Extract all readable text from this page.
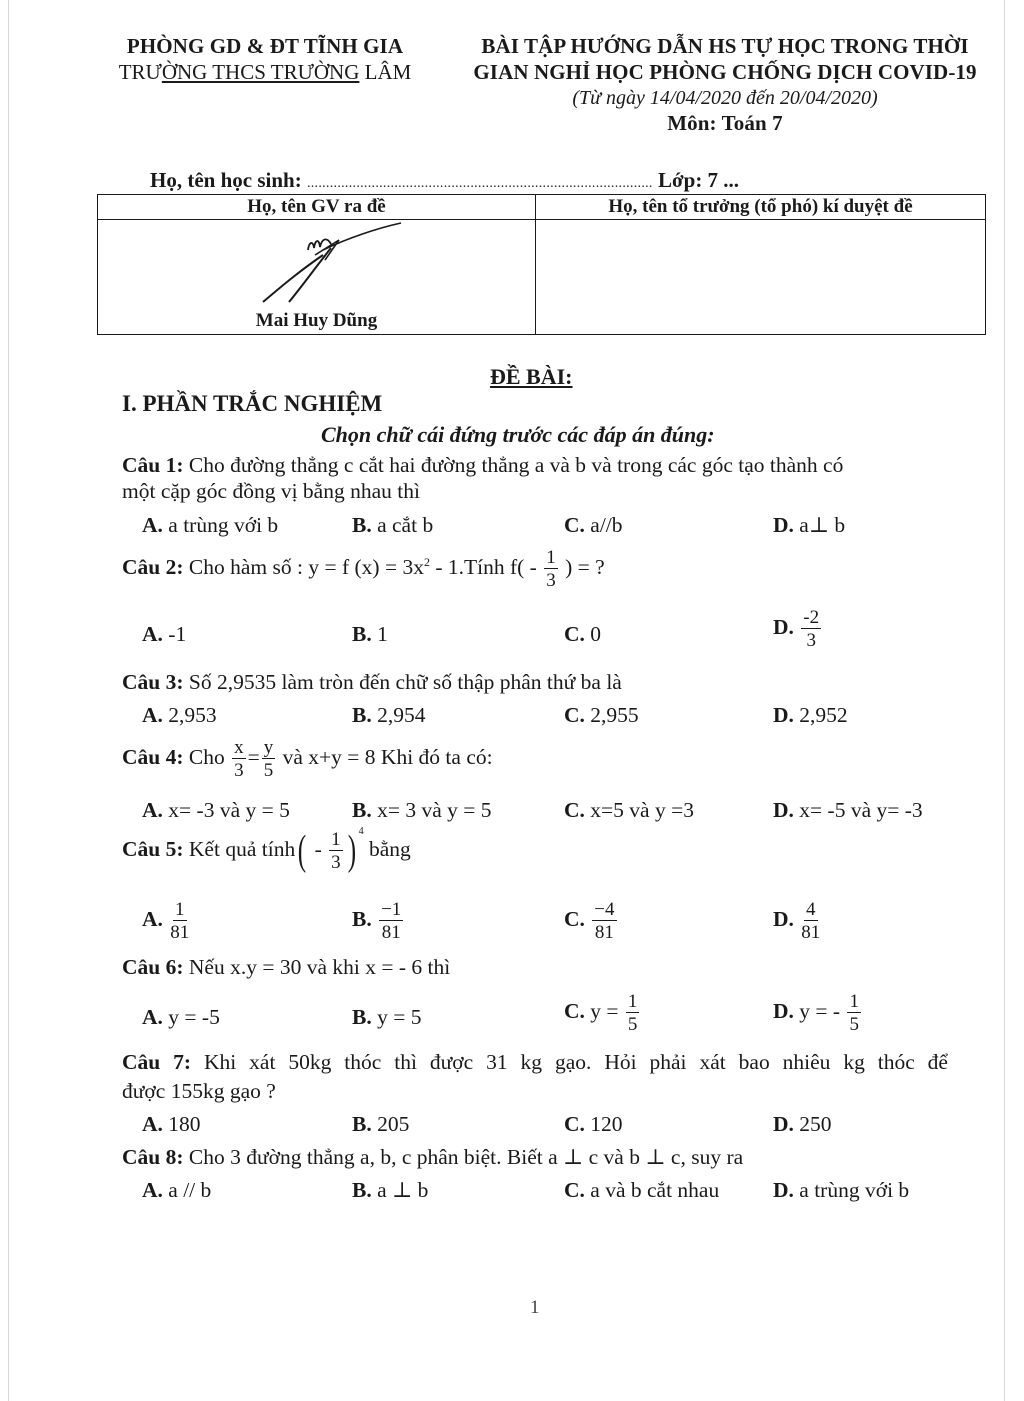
PHÒNG GD & ĐT TĨNH GIA
TRƯỜNG THCS TRƯỜNG LÂM
BÀI TẬP HƯỚNG DẪN HS TỰ HỌC TRONG THỜI
GIAN NGHỈ HỌC PHÒNG CHỐNG DỊCH COVID-19
(Từ ngày 14/04/2020 đến 20/04/2020)
Môn: Toán 7
Họ, tên học sinh: ........................................................................................... Lớp: 7 ...
Họ, tên GV ra đề	Họ, tên tổ trưởng (tổ phó) kí duyệt đề

Mai Huy Dũng	

ĐỀ BÀI:
I. PHẦN TRẮC NGHIỆM
Chọn chữ cái đứng trước các đáp án đúng:
Câu 1: Cho đường thẳng c cắt hai đường thẳng a và b và trong các góc tạo thành có
một cặp góc đồng vị bằng nhau thì
A. a trùng với b	B. a cắt b	C. a//b	D. a⊥ b
Câu 2: Cho hàm số : y = f $(x) = 3x^2$ - 1.Tính $f( - \frac{1}{3}$ ) = ?
A. -1	B. 1	C. 0	D. $\frac{-2}{3}$
Câu 3: Số 2,9535 làm tròn đến chữ số thập phân thứ ba là
A. 2,953	B. 2,954	C. 2,955	D. 2,952
Câu 4: Cho $\frac{x}{3} = \frac{y}{5}$ và x+y = 8 Khi đó ta có:
A. x= -3 và y = 5	B. x= 3 và y = 5	C. x=5 và y =3	D. x= -5 và y= -3
Câu 5: Kết quả tính( - $\frac{1}{3}$ ) $^4$ bằng
A. $\frac{1}{81}$	B. $\frac{-1}{81}$	C. $\frac{-4}{81}$	D. $\frac{4}{81}$
Câu 6: Nếu x.y = 30 và khi x = - 6 thì
A. y = -5	B. y = 5	C. $y = \frac{1}{5}$	D. y = - $\frac{1}{5}$
Câu 7: Khi xát 50kg thóc thì được 31 kg gạo. Hỏi phải xát bao nhiêu kg thóc để
được 155kg gạo ?
A. 180	B. 205	C. 120	D. 250
Câu 8: Cho 3 đường thẳng a, b, c phân biệt. Biết a ⊥ c và b ⊥ c, suy ra
A. a // b	B. a ⊥ b	C. a và b cắt nhau	D. a trùng với b
1
